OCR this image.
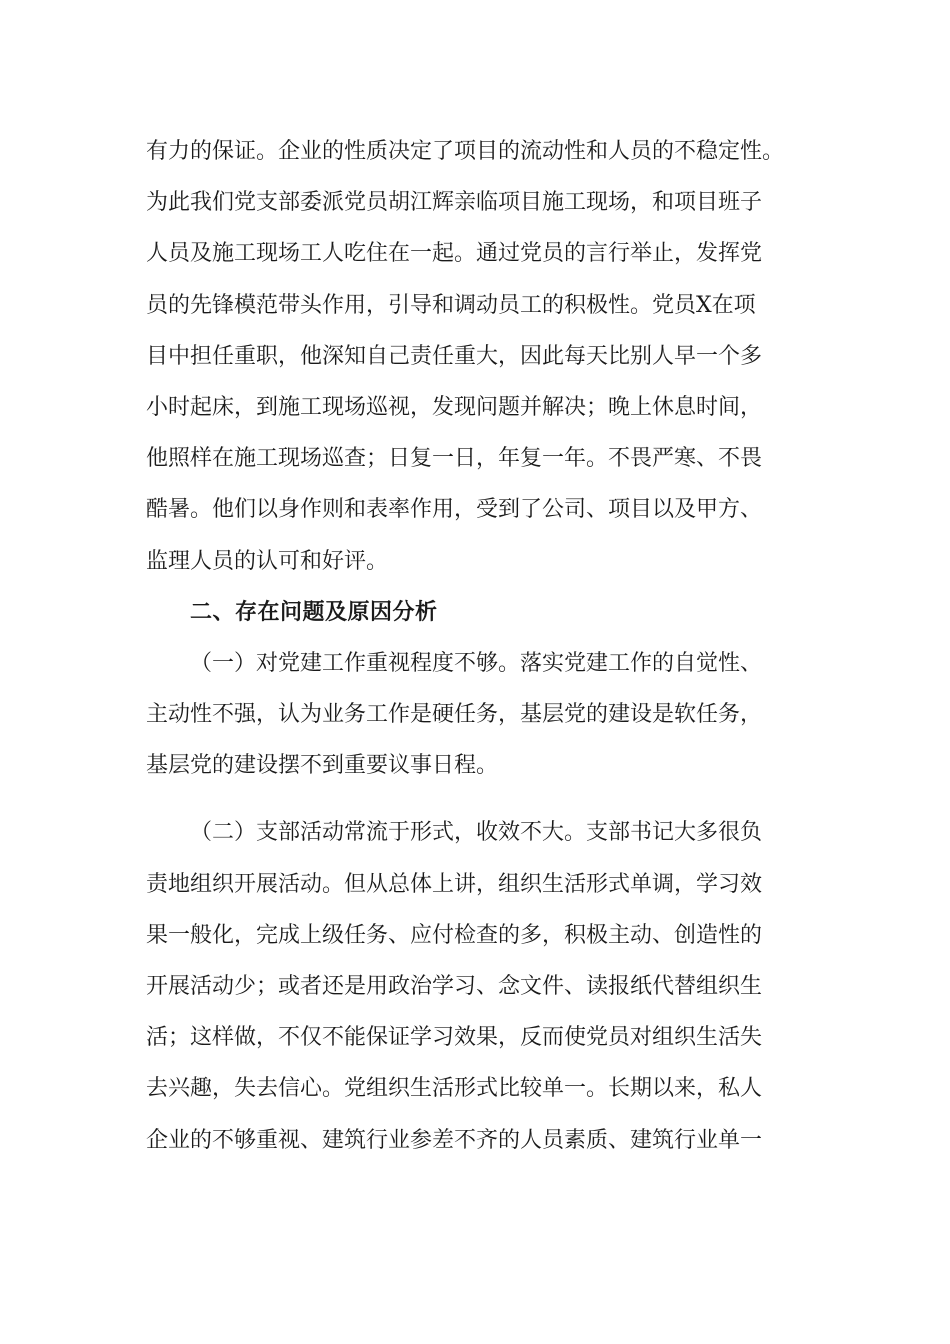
有力的保证。企业的性质决定了项目的流动性和人员的不稳定性。
为此我们党支部委派党员胡江辉亲临项目施工现场，和项目班子
人员及施工现场工人吃住在一起。通过党员的言行举止，发挥党
员的先锋模范带头作用，引导和调动员工的积极性。党员X在项
目中担任重职，他深知自己责任重大，因此每天比别人早一个多
小时起床，到施工现场巡视，发现问题并解决；晚上休息时间，
他照样在施工现场巡查；日复一日，年复一年。不畏严寒、不畏
酷暑。他们以身作则和表率作用，受到了公司、项目以及甲方、
监理人员的认可和好评。
二、存在问题及原因分析
（一）对党建工作重视程度不够。落实党建工作的自觉性、
主动性不强，认为业务工作是硬任务，基层党的建设是软任务，
基层党的建设摆不到重要议事日程。
（二）支部活动常流于形式，收效不大。支部书记大多很负
责地组织开展活动。但从总体上讲，组织生活形式单调，学习效
果一般化，完成上级任务、应付检查的多，积极主动、创造性的
开展活动少；或者还是用政治学习、念文件、读报纸代替组织生
活；这样做，不仅不能保证学习效果，反而使党员对组织生活失
去兴趣，失去信心。党组织生活形式比较单一。长期以来，私人
企业的不够重视、建筑行业参差不齐的人员素质、建筑行业单一
